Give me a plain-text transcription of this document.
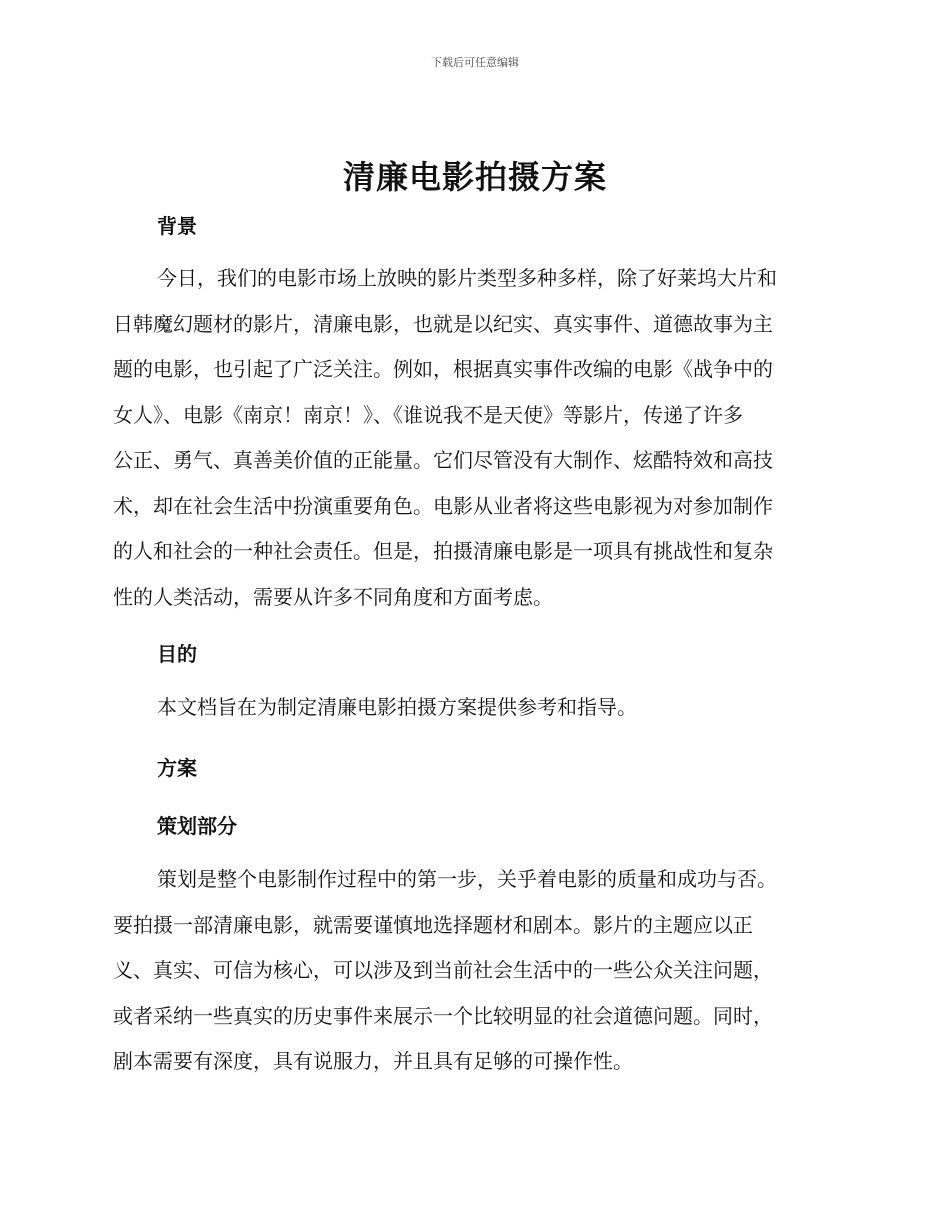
下载后可任意编辑
清廉电影拍摄方案
背景
今日，我们的电影市场上放映的影片类型多种多样，除了好莱坞大片和
日韩魔幻题材的影片，清廉电影，也就是以纪实、真实事件、道德故事为主
题的电影，也引起了广泛关注。例如，根据真实事件改编的电影《战争中的
女人》、电影《南京！南京！》、《谁说我不是天使》等影片，传递了许多
公正、勇气、真善美价值的正能量。它们尽管没有大制作、炫酷特效和高技
术，却在社会生活中扮演重要角色。电影从业者将这些电影视为对参加制作
的人和社会的一种社会责任。但是，拍摄清廉电影是一项具有挑战性和复杂
性的人类活动，需要从许多不同角度和方面考虑。
目的
本文档旨在为制定清廉电影拍摄方案提供参考和指导。
方案
策划部分
策划是整个电影制作过程中的第一步，关乎着电影的质量和成功与否。
要拍摄一部清廉电影，就需要谨慎地选择题材和剧本。影片的主题应以正
义、真实、可信为核心，可以涉及到当前社会生活中的一些公众关注问题，
或者采纳一些真实的历史事件来展示一个比较明显的社会道德问题。同时，
剧本需要有深度，具有说服力，并且具有足够的可操作性。
